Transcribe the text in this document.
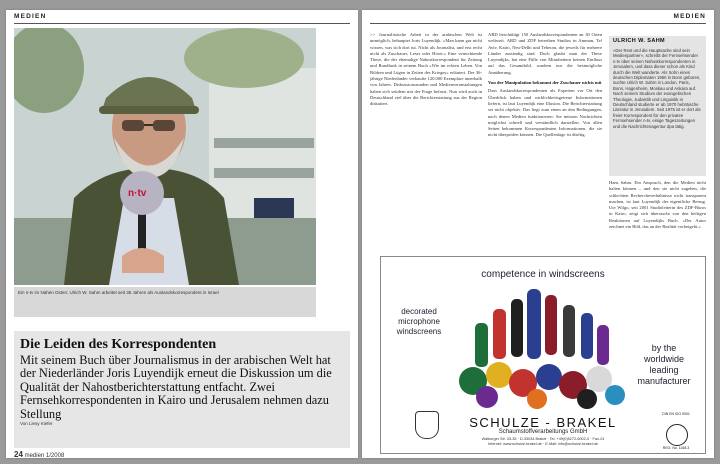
MEDIEN
n·tv
Ein n-tv im Nahen Osten: Ulrich W. Sahm arbeitet seit 35 Jahren als Auslandskorrespondent in Israel
Die Leiden des Korrespondenten
Mit seinem Buch über Journalismus in der arabischen Welt hat der Niederländer Joris Luyendijk erneut die Diskussion um die Qualität der Nahostberichterstattung entfacht. Zwei Fernsehkorrespondenten in Kairo und Jerusalem nehmen dazu Stellung
Von Liesy Kiefer
24 medien 1/2008
MEDIEN

>> Journalistische Arbeit in der arabischen Welt ist unmöglich, behauptet Joris Luyendijk. »Man kann gar nicht wissen, was sich dort tut. Nicht als Journalist, und erst recht nicht als Zuschauer, Leser oder Hörer.« Eine vernichtende These, die der ehemalige Nahostkorrespondent für Zeitung und Rundfunk in seinem Buch »Wie im echten Leben. Von Bildern und Lügen in Zeiten des Krieges« erläutert. Der 36-jährige Niederländer verkaufte 120.000 Exemplare innerhalb von Jahren. Diskussionsrunden und Medienveranstaltungen haben sich seitdem mit der Frage befasst. Nun wird auch in Deutschland viel über die Berichterstattung aus der Region diskutiert.

ARD beschäftigt 150 Auslandskorrespondenten an 30 Orten weltweit. ARD und ZDF betreiben Studios in Amman, Tel Aviv, Kairo, Neu-Delhi und Teheran, die jeweils für mehrere Länder zuständig sind. Doch glaubt man der These Luyendijks, hat eine Fülle von Mitarbeitern keinen Einfluss auf das Gesamtbild, sondern nur die bestmögliche Annäherung.

Von der Manipulation bekommt der Zuschauer nichts mit

Dass Auslandskorrespondenten als Experten vor Ort den Überblick haben und wirklichkeitsgetreue Informationen liefern, ist laut Luyendijk eine Illusion. Die Berichterstattung sei nicht objektiv. Das liegt zum einen an den Bedingungen, nach denen Medien funktionieren: Sie müssen Nachrichten möglichst schnell und verständlich darstellen. Von allen Seiten bekommen Korrespondenten Informationen, die sie nicht überprüfen können. Die Quellenlage ist dürftig.

ULRICH W. SAHM
»Der Rest und die Hauptsache sind sein Medienpartner«, schreibt der Fernsehsender n-tv über seinen Nahostkorrespondenten in Jerusalem, und dass dieser schon als Kind durch die Welt wanderte. Als Sohn eines deutschen Diplomaten 1950 in Bonn geboren, suchte Ulrich W. Sahm in London, Paris, Bonn, Hagenheim, Moskau und Ankara auf. Nach seinem Studium der evangelischen Theologie, Judaistik und Linguistik in Deutschland studierte er ab 1970 hebräische Literatur in Jerusalem. Seit 1975 ist er dort als freier Korrespondent für den privaten Fernsehsender n-tv, einige Tageszeitungen und die Nachrichtenagentur dpa tätig.

Hans Sahm. Ein Anspruch, den die Medien nicht halten können – und den sie nicht zugeben, die schlechten Rechercheverhältnisse nicht transparent machen, ist laut Luyendijk der eigentliche Betrug. Ute Wilgo, seit 2001 Studioleiterin des ZDF-Büros in Kairo, zeigt sich überrascht von den heftigen Reaktionen auf Luyendijks Buch. »Der Autor zeichnet ein Bild, das an der Realität vorbeigeht.«

competence in windscreens
decorated microphone windscreens
by the worldwide leading manufacturer
SCHULZE - BRAKEL
Schaumstoffverarbeitungs GmbH
Walburger Str. 33-35 · D-33034 Brakel · Tel. +49(0)5272-6002-0 · Fax-24
Internet: www.schulze-brakel.de · E-Mail: info@schulze-brakel.de
DIN EN ISO 9001
REG. No. 1168.3
